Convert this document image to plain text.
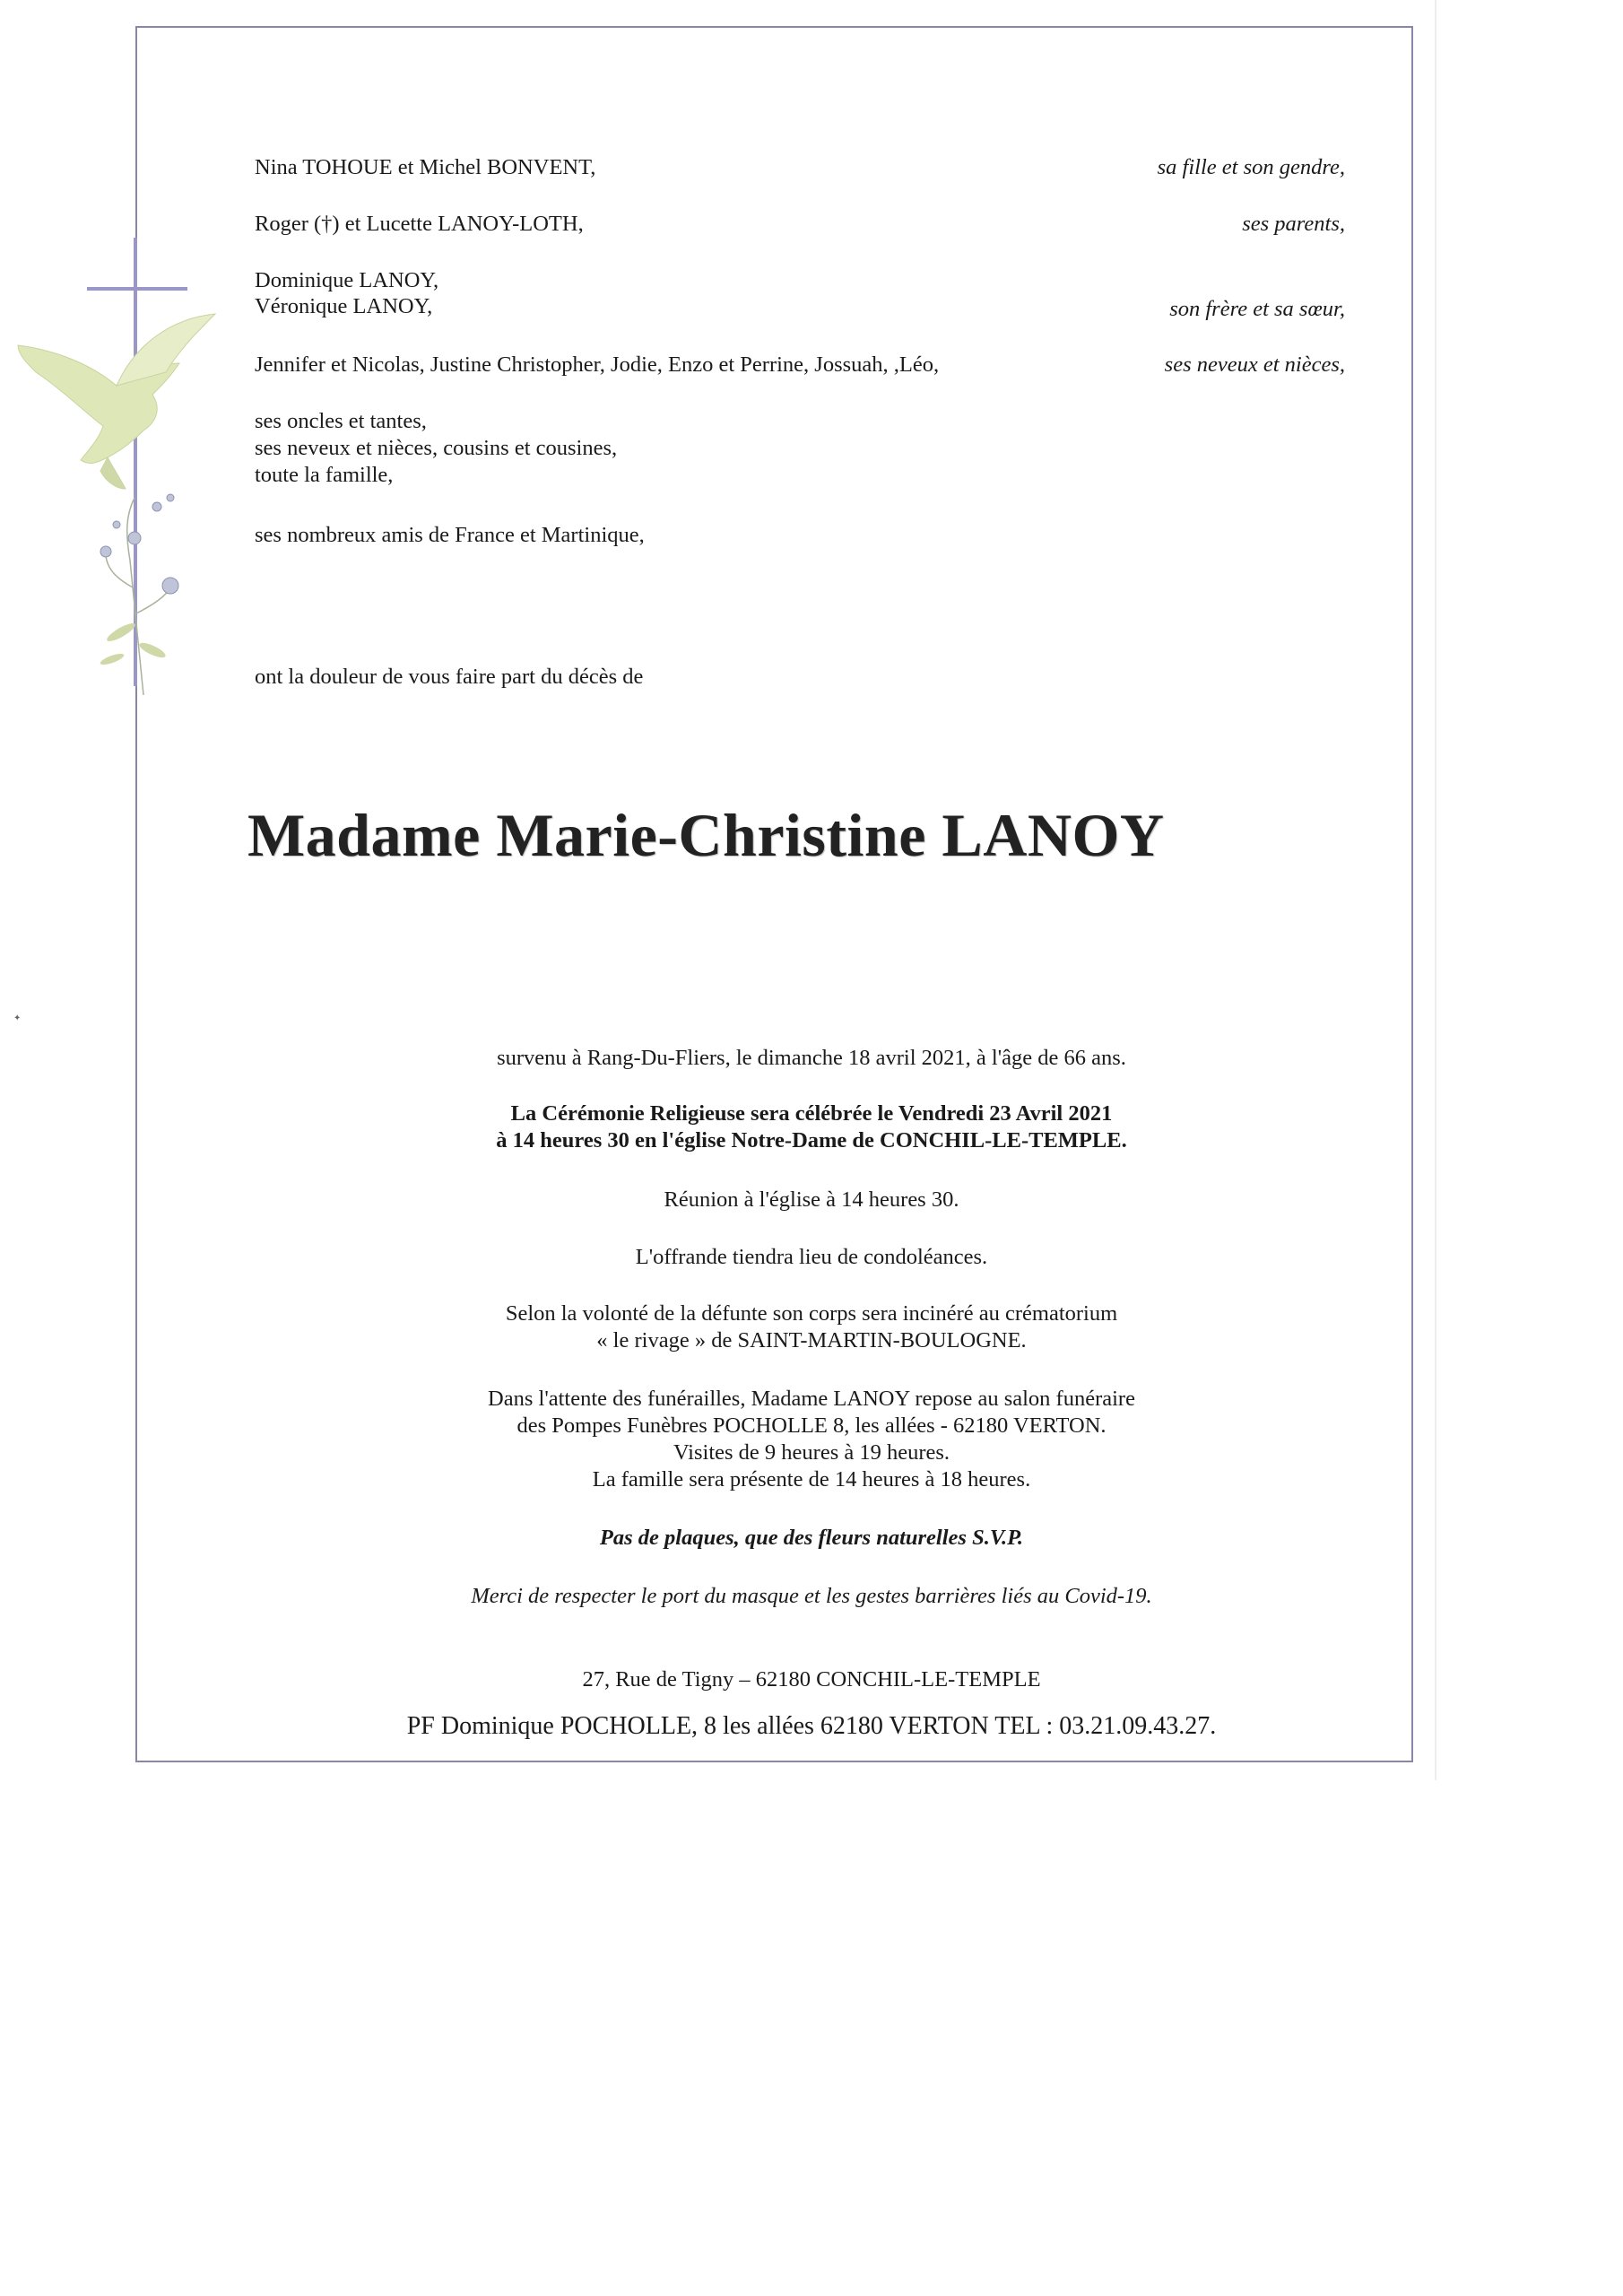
✦
Nina TOHOUE et Michel BONVENT,	sa fille et son gendre,
Roger (†) et Lucette LANOY-LOTH,	ses parents,
Dominique LANOY,
Véronique LANOY,	son frère et sa sœur,
Jennifer et Nicolas, Justine Christopher, Jodie, Enzo et Perrine, Jossuah, ,Léo,	ses neveux et nièces,
ses oncles et tantes,
ses neveux et nièces, cousins et cousines,
toute la famille,
ses nombreux amis de France et Martinique,
ont la douleur de vous faire part du décès de
Madame Marie-Christine LANOY
survenu à Rang-Du-Fliers, le dimanche 18 avril 2021, à l'âge de 66 ans.
La Cérémonie Religieuse sera célébrée le Vendredi 23 Avril 2021
à 14 heures 30 en l'église Notre-Dame de CONCHIL-LE-TEMPLE.
Réunion à l'église à 14 heures 30.
L'offrande tiendra lieu de condoléances.
Selon la volonté de la défunte son corps sera incinéré au crématorium
« le rivage » de SAINT-MARTIN-BOULOGNE.
Dans l'attente des funérailles, Madame LANOY repose au salon funéraire
des Pompes Funèbres POCHOLLE 8, les allées - 62180 VERTON.
Visites de 9 heures à 19 heures.
La famille sera présente de 14 heures à 18 heures.
Pas de plaques, que des fleurs naturelles S.V.P.
Merci de respecter le port du masque et les gestes barrières liés au Covid-19.
27, Rue de Tigny – 62180 CONCHIL-LE-TEMPLE
PF Dominique POCHOLLE, 8 les allées 62180 VERTON TEL : 03.21.09.43.27.
